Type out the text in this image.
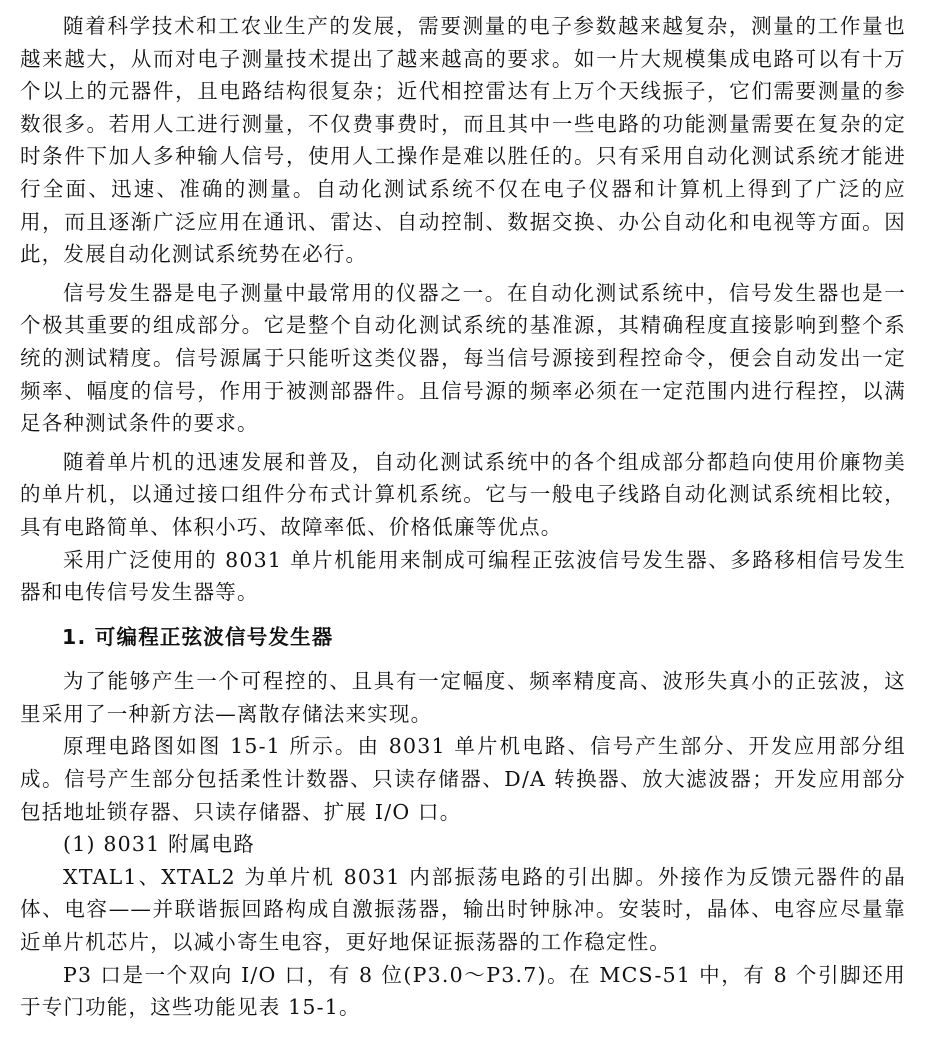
随着科学技术和工农业生产的发展，需要测量的电子参数越来越复杂，测量的工作量也越来越大，从而对电子测量技术提出了越来越高的要求。如一片大规模集成电路可以有十万个以上的元器件，且电路结构很复杂；近代相控雷达有上万个天线振子，它们需要测量的参数很多。若用人工进行测量，不仅费事费时，而且其中一些电路的功能测量需要在复杂的定时条件下加人多种输人信号，使用人工操作是难以胜任的。只有采用自动化测试系统才能进行全面、迅速、准确的测量。自动化测试系统不仅在电子仪器和计算机上得到了广泛的应用，而且逐渐广泛应用在通讯、雷达、自动控制、数据交换、办公自动化和电视等方面。因此，发展自动化测试系统势在必行。

信号发生器是电子测量中最常用的仪器之一。在自动化测试系统中，信号发生器也是一个极其重要的组成部分。它是整个自动化测试系统的基准源，其精确程度直接影响到整个系统的测试精度。信号源属于只能听这类仪器，每当信号源接到程控命令，便会自动发出一定频率、幅度的信号，作用于被测部器件。且信号源的频率必须在一定范围内进行程控，以满足各种测试条件的要求。

随着单片机的迅速发展和普及，自动化测试系统中的各个组成部分都趋向使用价廉物美的单片机，以通过接口组件分布式计算机系统。它与一般电子线路自动化测试系统相比较，具有电路简单、体积小巧、故障率低、价格低廉等优点。

采用广泛使用的 8031 单片机能用来制成可编程正弦波信号发生器、多路移相信号发生器和电传信号发生器等。

1. 可编程正弦波信号发生器

为了能够产生一个可程控的、且具有一定幅度、频率精度高、波形失真小的正弦波，这里采用了一种新方法—离散存储法来实现。

原理电路图如图 15-1 所示。由 8031 单片机电路、信号产生部分、开发应用部分组成。信号产生部分包括柔性计数器、只读存储器、D/A 转换器、放大滤波器；开发应用部分包括地址锁存器、只读存储器、扩展 I/O 口。

(1) 8031 附属电路

XTAL1、XTAL2 为单片机 8031 内部振荡电路的引出脚。外接作为反馈元器件的晶体、电容——并联谐振回路构成自激振荡器，输出时钟脉冲。安装时，晶体、电容应尽量靠近单片机芯片，以减小寄生电容，更好地保证振荡器的工作稳定性。

P3 口是一个双向 I/O 口，有 8 位(P3.0～P3.7)。在 MCS-51 中，有 8 个引脚还用于专门功能，这些功能见表 15-1。
